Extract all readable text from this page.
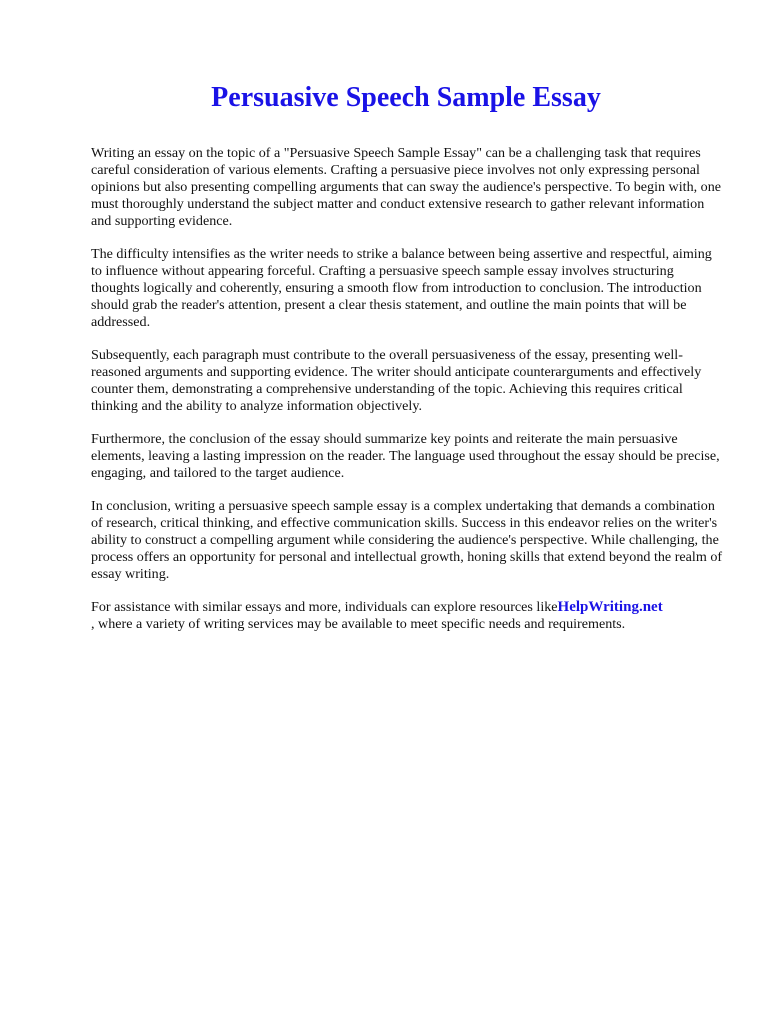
Persuasive Speech Sample Essay

Writing an essay on the topic of a "Persuasive Speech Sample Essay" can be a challenging task that requires careful consideration of various elements. Crafting a persuasive piece involves not only expressing personal opinions but also presenting compelling arguments that can sway the audience's perspective. To begin with, one must thoroughly understand the subject matter and conduct extensive research to gather relevant information and supporting evidence.

The difficulty intensifies as the writer needs to strike a balance between being assertive and respectful, aiming to influence without appearing forceful. Crafting a persuasive speech sample essay involves structuring thoughts logically and coherently, ensuring a smooth flow from introduction to conclusion. The introduction should grab the reader's attention, present a clear thesis statement, and outline the main points that will be addressed.

Subsequently, each paragraph must contribute to the overall persuasiveness of the essay, presenting well-reasoned arguments and supporting evidence. The writer should anticipate counterarguments and effectively counter them, demonstrating a comprehensive understanding of the topic. Achieving this requires critical thinking and the ability to analyze information objectively.

Furthermore, the conclusion of the essay should summarize key points and reiterate the main persuasive elements, leaving a lasting impression on the reader. The language used throughout the essay should be precise, engaging, and tailored to the target audience.

In conclusion, writing a persuasive speech sample essay is a complex undertaking that demands a combination of research, critical thinking, and effective communication skills. Success in this endeavor relies on the writer's ability to construct a compelling argument while considering the audience's perspective. While challenging, the process offers an opportunity for personal and intellectual growth, honing skills that extend beyond the realm of essay writing.

For assistance with similar essays and more, individuals can explore resources likeHelpWriting.net
, where a variety of writing services may be available to meet specific needs and requirements.
